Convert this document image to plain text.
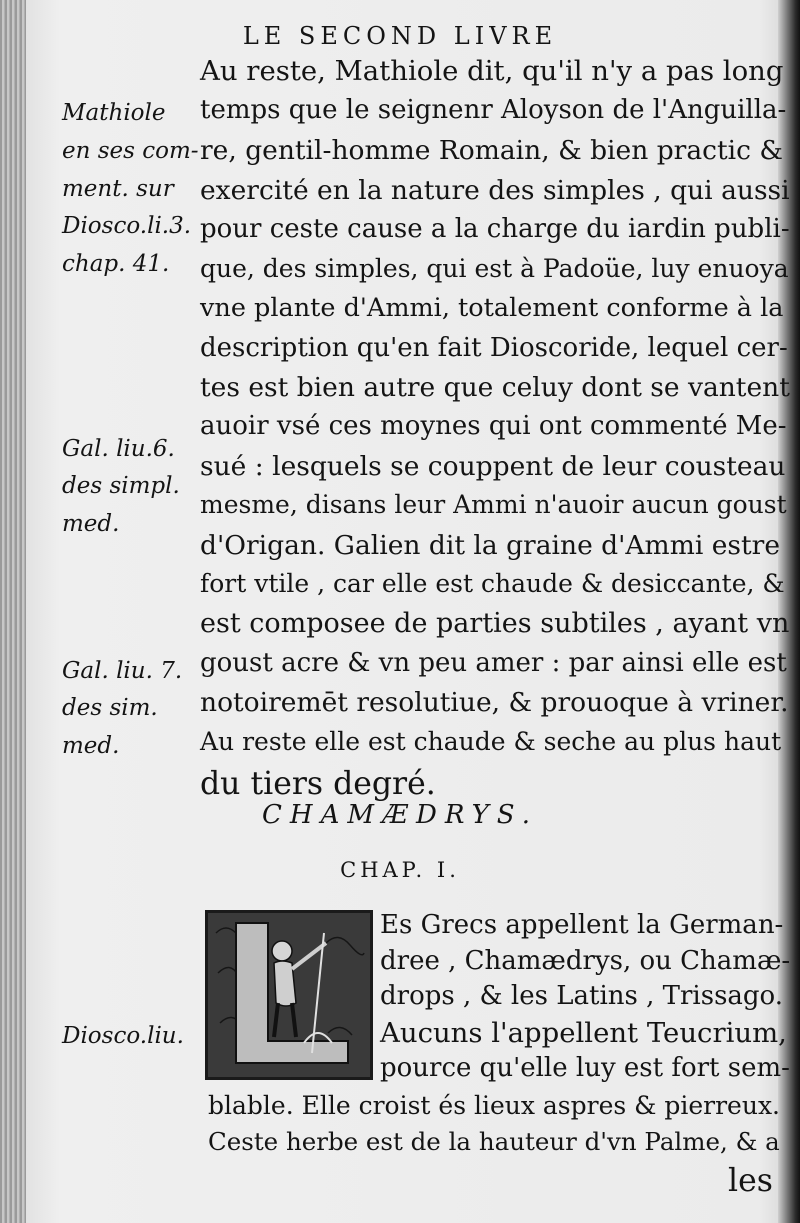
LE SECOND LIVRE
Au reste, Mathiole dit, qu'il n'y a pas long
temps que le seignenr Aloyson de l'Anguilla-
re, gentil-homme Romain, & bien practic &
exercité en la nature des simples , qui aussi
pour ceste cause a la charge du iardin publi-
que, des simples, qui est à Padoüe, luy enuoya
vne plante d'Ammi, totalement conforme à la
description qu'en fait Dioscoride, lequel cer-
tes est bien autre que celuy dont se vantent
auoir vsé ces moynes qui ont commenté Me-
sué : lesquels se couppent de leur cousteau
mesme, disans leur Ammi n'auoir aucun goust
d'Origan. Galien dit la graine d'Ammi estre
fort vtile , car elle est chaude & desiccante, &
est composee de parties subtiles , ayant vn
goust acre & vn peu amer : par ainsi elle est
notoiremēt resolutiue, & prouoque à vriner.
Au reste elle est chaude & seche au plus haut
du tiers degré.
Mathiole
en ses com-
ment. sur
Diosco.li.3.
chap. 41.
Gal. liu.6.
des simpl.
med.
Gal. liu. 7.
des sim.
med.
Diosco.liu.
CHAMÆDRYS.
CHAP. I.
Es Grecs appellent la German-
dree , Chamædrys, ou Chamæ-
drops , & les Latins , Trissago.
Aucuns l'appellent Teucrium,
pource qu'elle luy est fort sem-
blable. Elle croist és lieux aspres & pierreux.
Ceste herbe est de la hauteur d'vn Palme, & a
les
